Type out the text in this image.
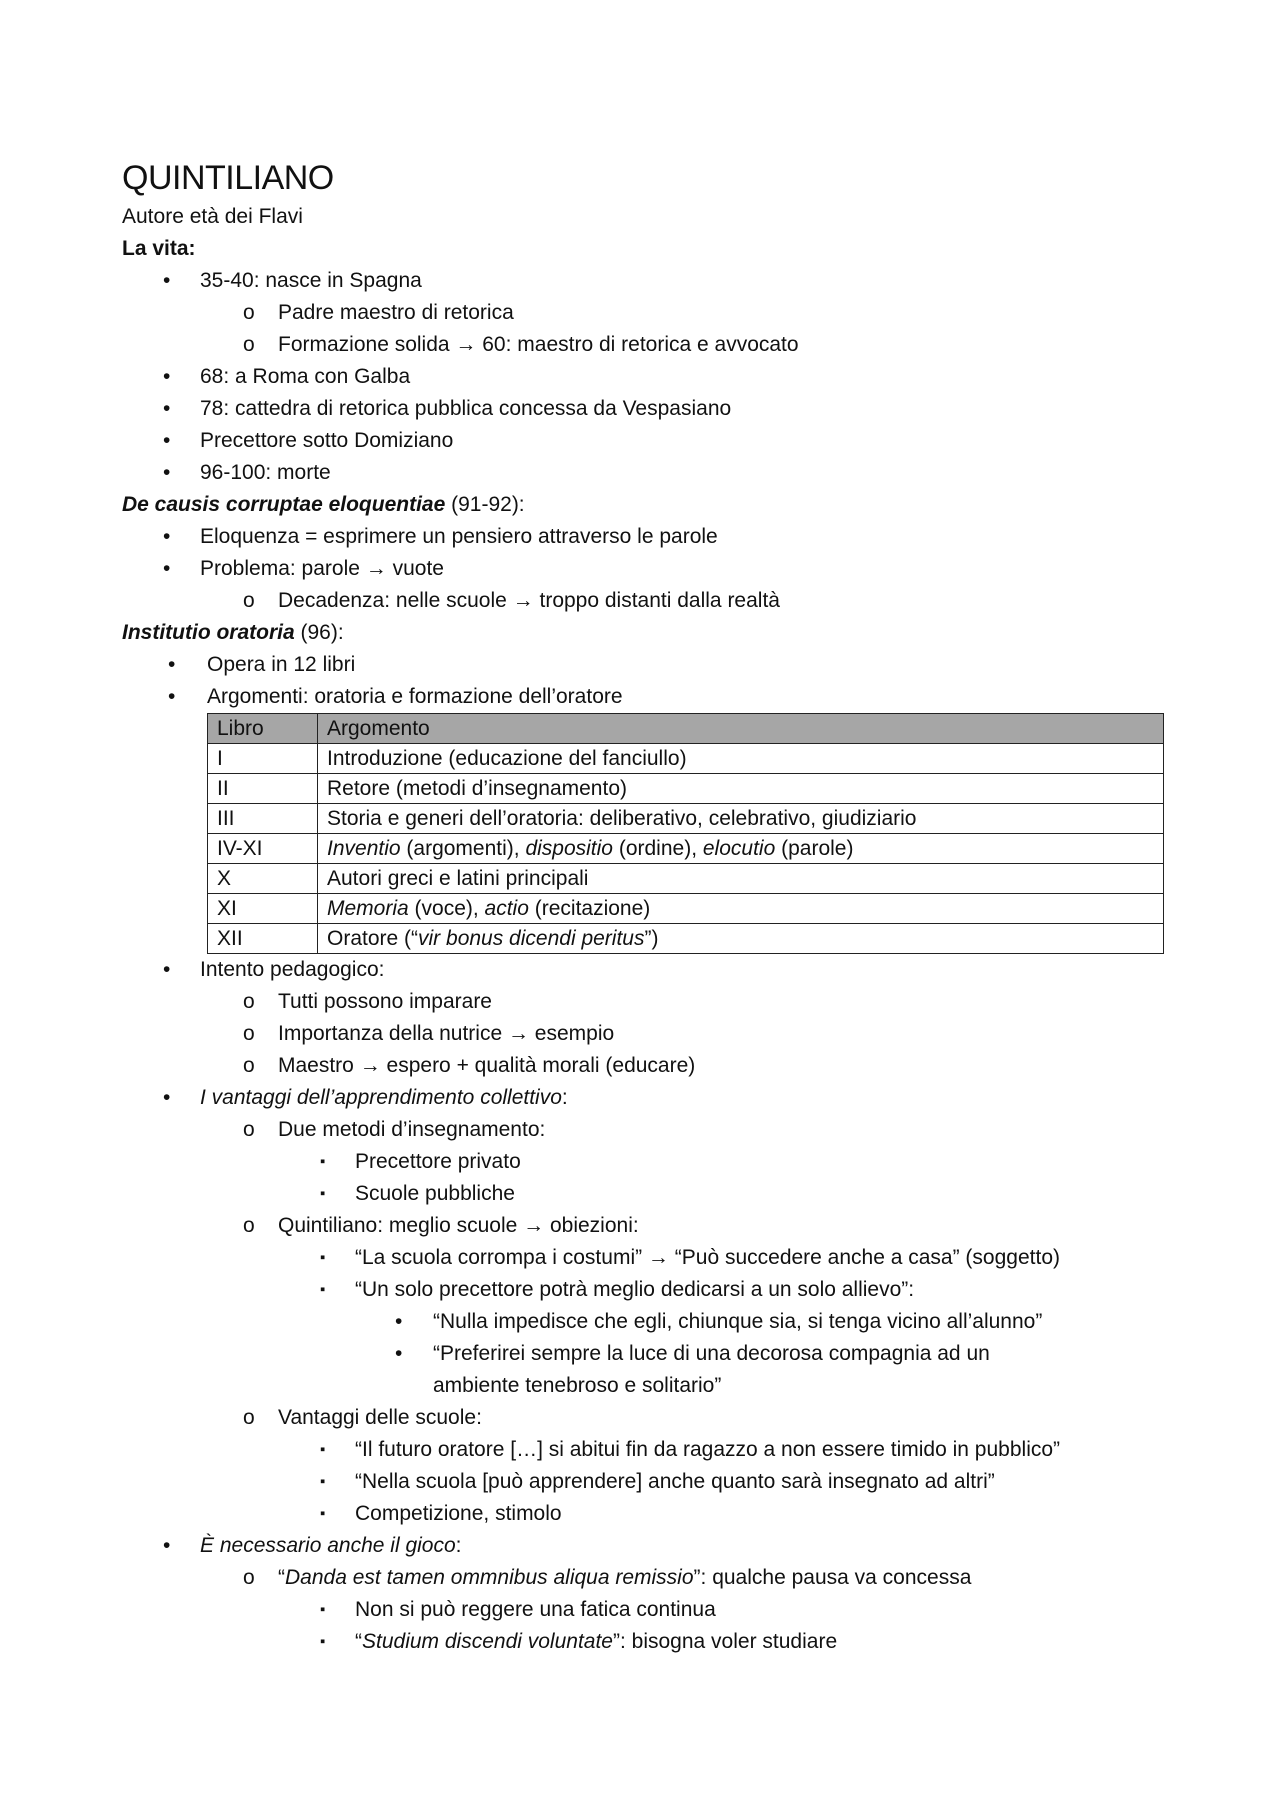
QUINTILIANO
Autore età dei Flavi
La vita:
• 35-40: nasce in Spagna
o Padre maestro di retorica
o Formazione solida → 60: maestro di retorica e avvocato
• 68: a Roma con Galba
• 78: cattedra di retorica pubblica concessa da Vespasiano
• Precettore sotto Domiziano
• 96-100: morte
De causis corruptae eloquentiae (91-92):
• Eloquenza = esprimere un pensiero attraverso le parole
• Problema: parole → vuote
o Decadenza: nelle scuole → troppo distanti dalla realtà
Institutio oratoria (96):
• Opera in 12 libri
• Argomenti: oratoria e formazione dell’oratore
Libro	Argomento
I	Introduzione (educazione del fanciullo)
II	Retore (metodi d’insegnamento)
III	Storia e generi dell’oratoria: deliberativo, celebrativo, giudiziario
IV-XI	Inventio (argomenti), dispositio (ordine), elocutio (parole)
X	Autori greci e latini principali
XI	Memoria (voce), actio (recitazione)
XII	Oratore (“vir bonus dicendi peritus”)
• Intento pedagogico:
o Tutti possono imparare
o Importanza della nutrice → esempio
o Maestro → espero + qualità morali (educare)
• I vantaggi dell’apprendimento collettivo:
o Due metodi d’insegnamento:
▪ Precettore privato
▪ Scuole pubbliche
o Quintiliano: meglio scuole → obiezioni:
▪ “La scuola corrompa i costumi” → “Può succedere anche a casa” (soggetto)
▪ “Un solo precettore potrà meglio dedicarsi a un solo allievo”:
• “Nulla impedisce che egli, chiunque sia, si tenga vicino all’alunno”
• “Preferirei sempre la luce di una decorosa compagnia ad un
ambiente tenebroso e solitario”
o Vantaggi delle scuole:
▪ “Il futuro oratore […] si abitui fin da ragazzo a non essere timido in pubblico”
▪ “Nella scuola [può apprendere] anche quanto sarà insegnato ad altri”
▪ Competizione, stimolo
• È necessario anche il gioco:
o “Danda est tamen ommnibus aliqua remissio”: qualche pausa va concessa
▪ Non si può reggere una fatica continua
▪ “Studium discendi voluntate”: bisogna voler studiare
